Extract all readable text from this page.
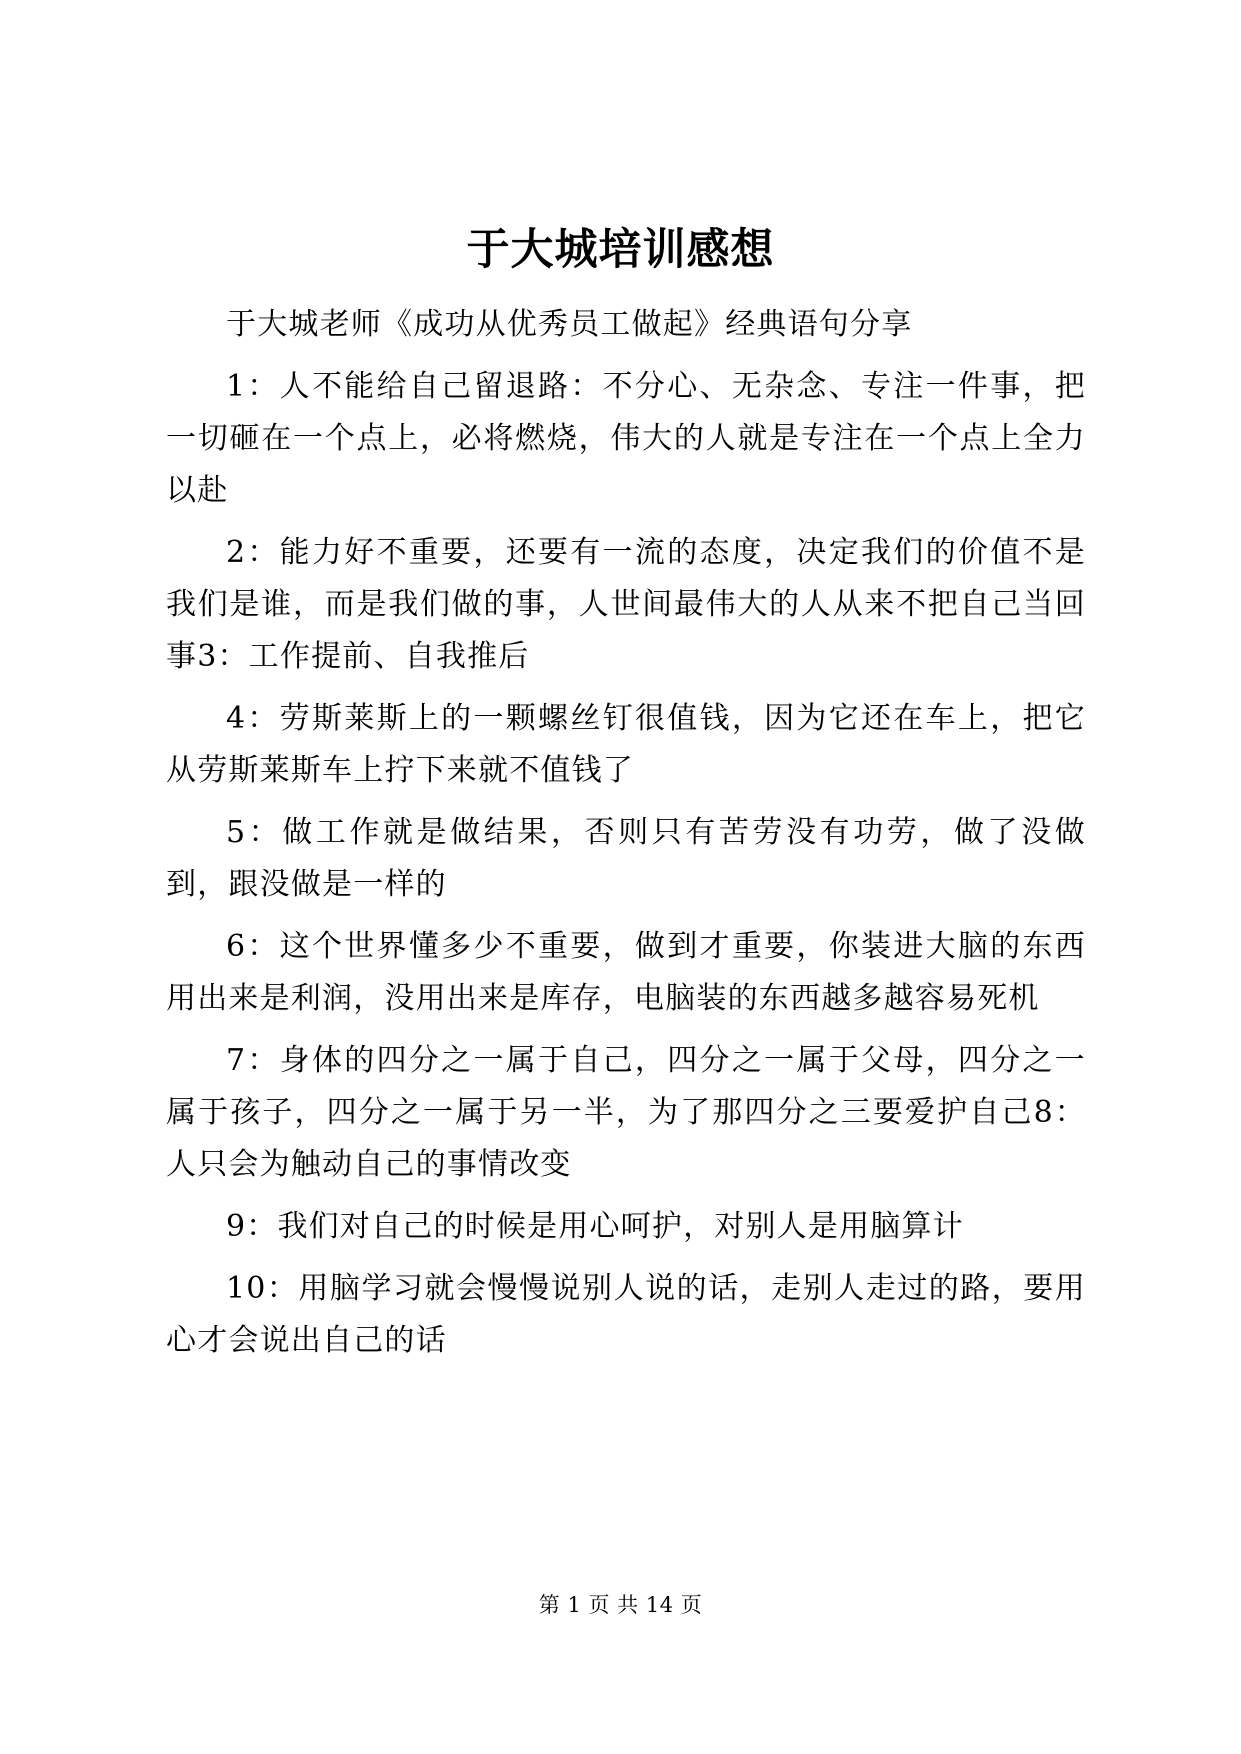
于大城培训感想

于大城老师《成功从优秀员工做起》经典语句分享

1：人不能给自己留退路：不分心、无杂念、专注一件事，把一切砸在一个点上，必将燃烧，伟大的人就是专注在一个点上全力以赴

2：能力好不重要，还要有一流的态度，决定我们的价值不是我们是谁，而是我们做的事，人世间最伟大的人从来不把自己当回事3：工作提前、自我推后

4：劳斯莱斯上的一颗螺丝钉很值钱，因为它还在车上，把它从劳斯莱斯车上拧下来就不值钱了

5：做工作就是做结果，否则只有苦劳没有功劳，做了没做到，跟没做是一样的

6：这个世界懂多少不重要，做到才重要，你装进大脑的东西用出来是利润，没用出来是库存，电脑装的东西越多越容易死机

7：身体的四分之一属于自己，四分之一属于父母，四分之一属于孩子，四分之一属于另一半，为了那四分之三要爱护自己8：人只会为触动自己的事情改变

9：我们对自己的时候是用心呵护，对别人是用脑算计

10：用脑学习就会慢慢说别人说的话，走别人走过的路，要用心才会说出自己的话

第 1 页 共 14 页
